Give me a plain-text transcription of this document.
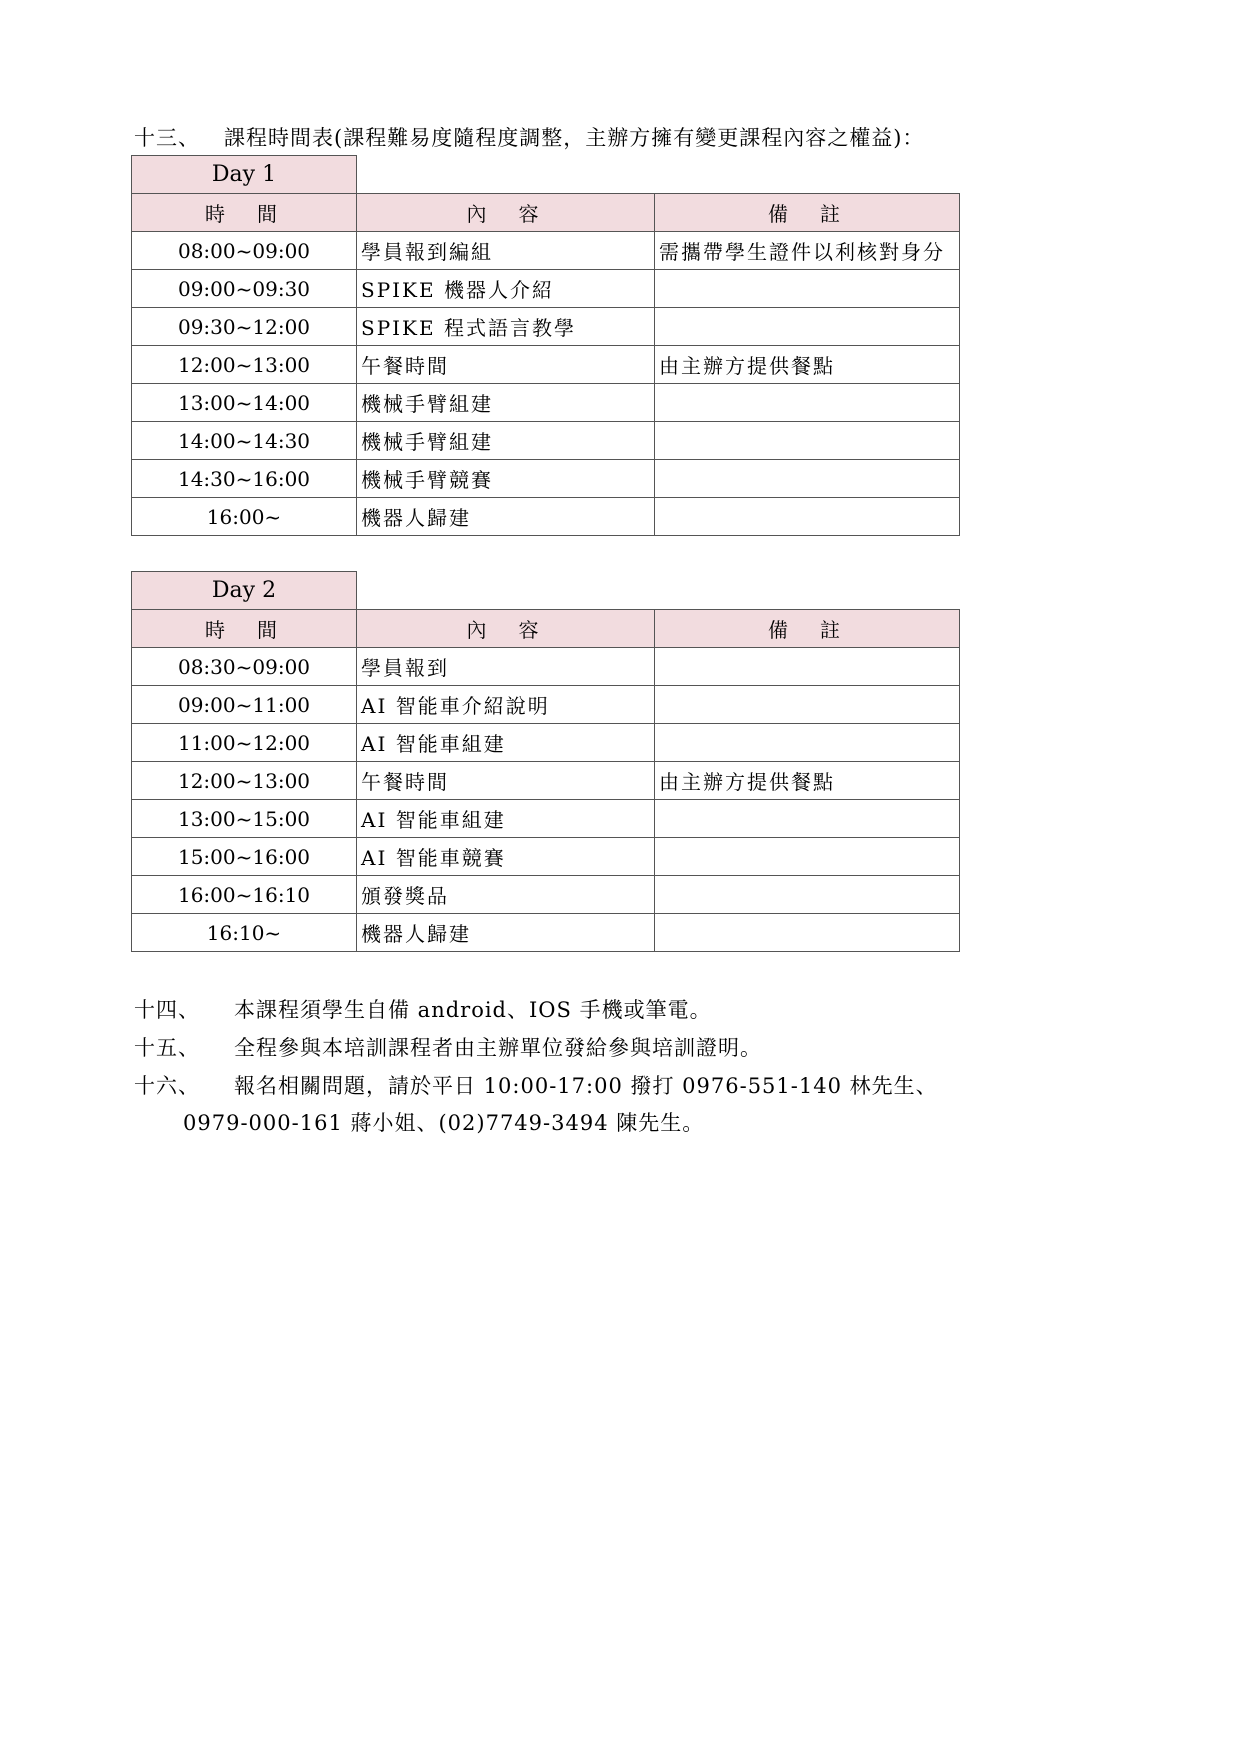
十三、 課程時間表(課程難易度隨程度調整，主辦方擁有變更課程內容之權益)：
Day 1		
時　間	內　容	備　註
08:00~09:00	學員報到編組	需攜帶學生證件以利核對身分
09:00~09:30	SPIKE 機器人介紹	
09:30~12:00	SPIKE 程式語言教學	
12:00~13:00	午餐時間	由主辦方提供餐點
13:00~14:00	機械手臂組建	
14:00~14:30	機械手臂組建	
14:30~16:00	機械手臂競賽	
16:00~	機器人歸建	
Day 2		
時　間	內　容	備　註
08:30~09:00	學員報到	
09:00~11:00	AI 智能車介紹說明	
11:00~12:00	AI 智能車組建	
12:00~13:00	午餐時間	由主辦方提供餐點
13:00~15:00	AI 智能車組建	
15:00~16:00	AI 智能車競賽	
16:00~16:10	頒發獎品	
16:10~	機器人歸建	
十四、 本課程須學生自備 android、IOS 手機或筆電。
十五、 全程參與本培訓課程者由主辦單位發給參與培訓證明。
十六、 報名相關問題，請於平日 10:00-17:00 撥打 0976-551-140 林先生、
0979-000-161 蔣小姐、(02)7749-3494 陳先生。
